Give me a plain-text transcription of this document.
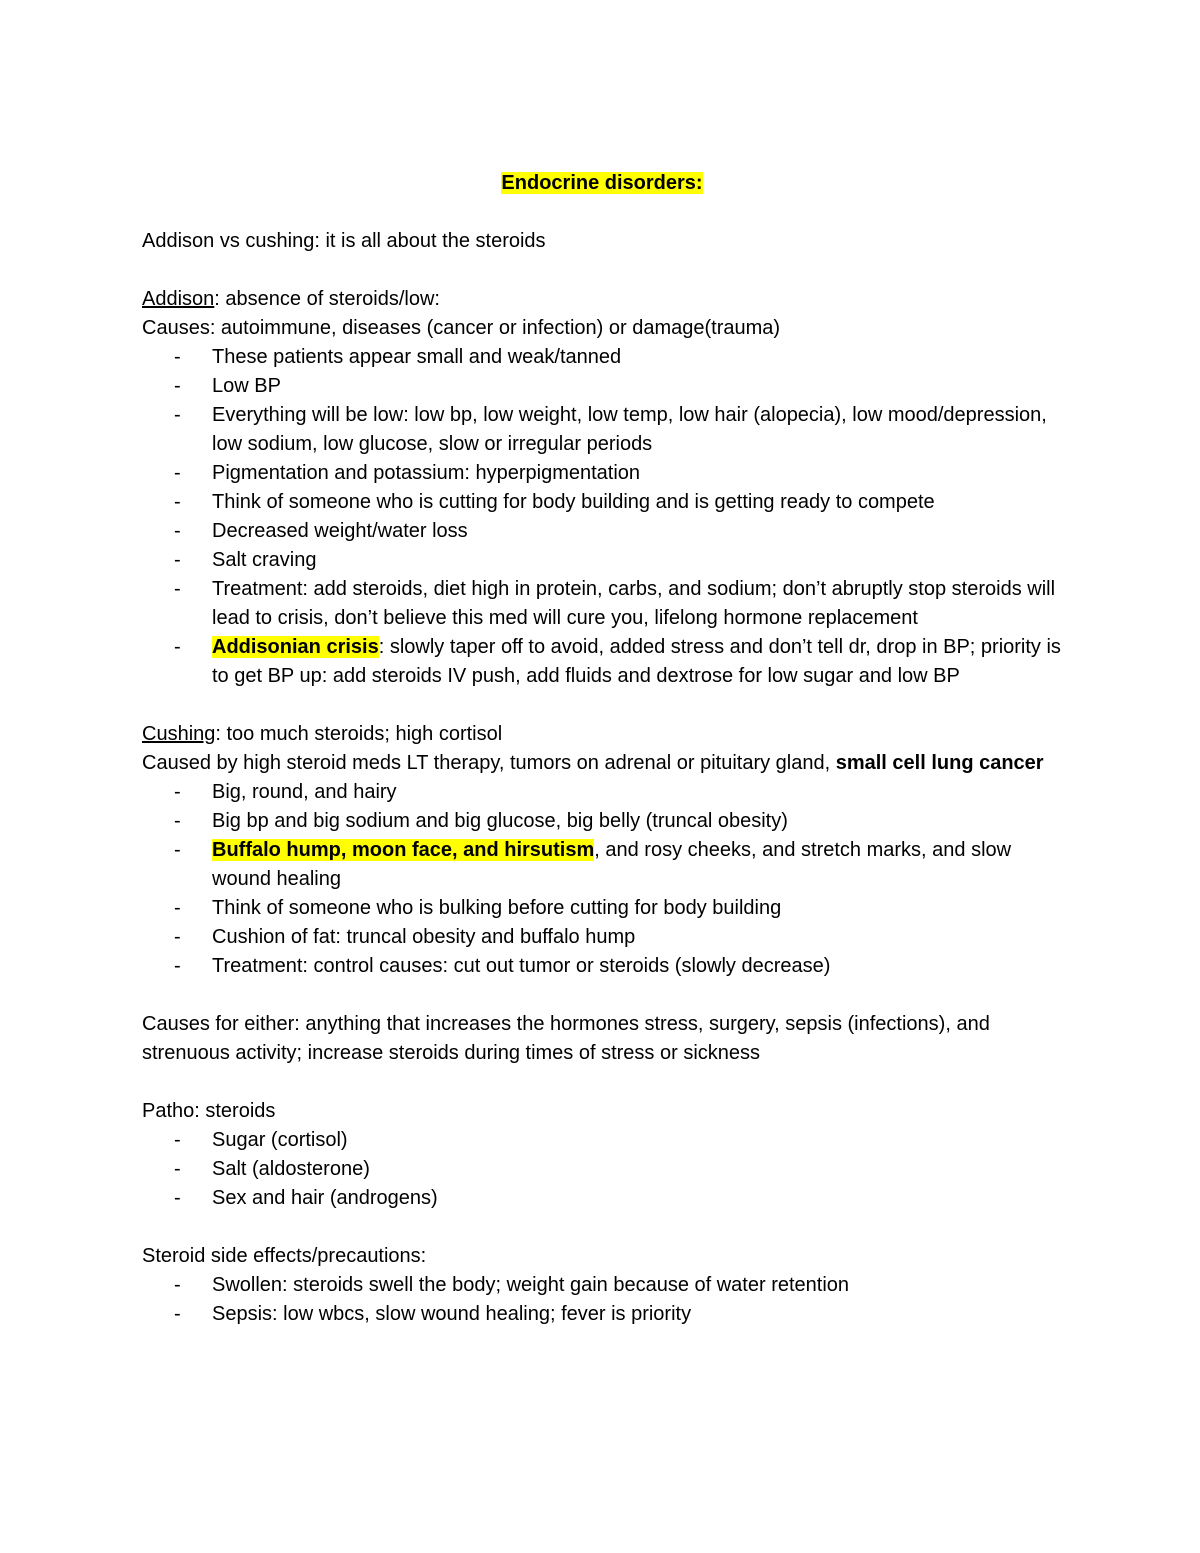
Endocrine disorders:

Addison vs cushing: it is all about the steroids

Addison: absence of steroids/low:

Causes: autoimmune, diseases (cancer or infection) or damage(trauma)

- These patients appear small and weak/tanned
- Low BP
- Everything will be low: low bp, low weight, low temp, low hair (alopecia), low mood/depression, low sodium, low glucose, slow or irregular periods
- Pigmentation and potassium: hyperpigmentation
- Think of someone who is cutting for body building and is getting ready to compete
- Decreased weight/water loss
- Salt craving
- Treatment: add steroids, diet high in protein, carbs, and sodium; don’t abruptly stop steroids will lead to crisis, don’t believe this med will cure you, lifelong hormone replacement
- Addisonian crisis: slowly taper off to avoid, added stress and don’t tell dr, drop in BP; priority is to get BP up: add steroids IV push, add fluids and dextrose for low sugar and low BP

Cushing: too much steroids; high cortisol

Caused by high steroid meds LT therapy, tumors on adrenal or pituitary gland, small cell lung cancer

- Big, round, and hairy
- Big bp and big sodium and big glucose, big belly (truncal obesity)
- Buffalo hump, moon face, and hirsutism, and rosy cheeks, and stretch marks, and slow wound healing
- Think of someone who is bulking before cutting for body building
- Cushion of fat: truncal obesity and buffalo hump
- Treatment: control causes: cut out tumor or steroids (slowly decrease)

Causes for either: anything that increases the hormones stress, surgery, sepsis (infections), and strenuous activity; increase steroids during times of stress or sickness

Patho: steroids

- Sugar (cortisol)
- Salt (aldosterone)
- Sex and hair (androgens)

Steroid side effects/precautions:

- Swollen: steroids swell the body; weight gain because of water retention
- Sepsis: low wbcs, slow wound healing; fever is priority
